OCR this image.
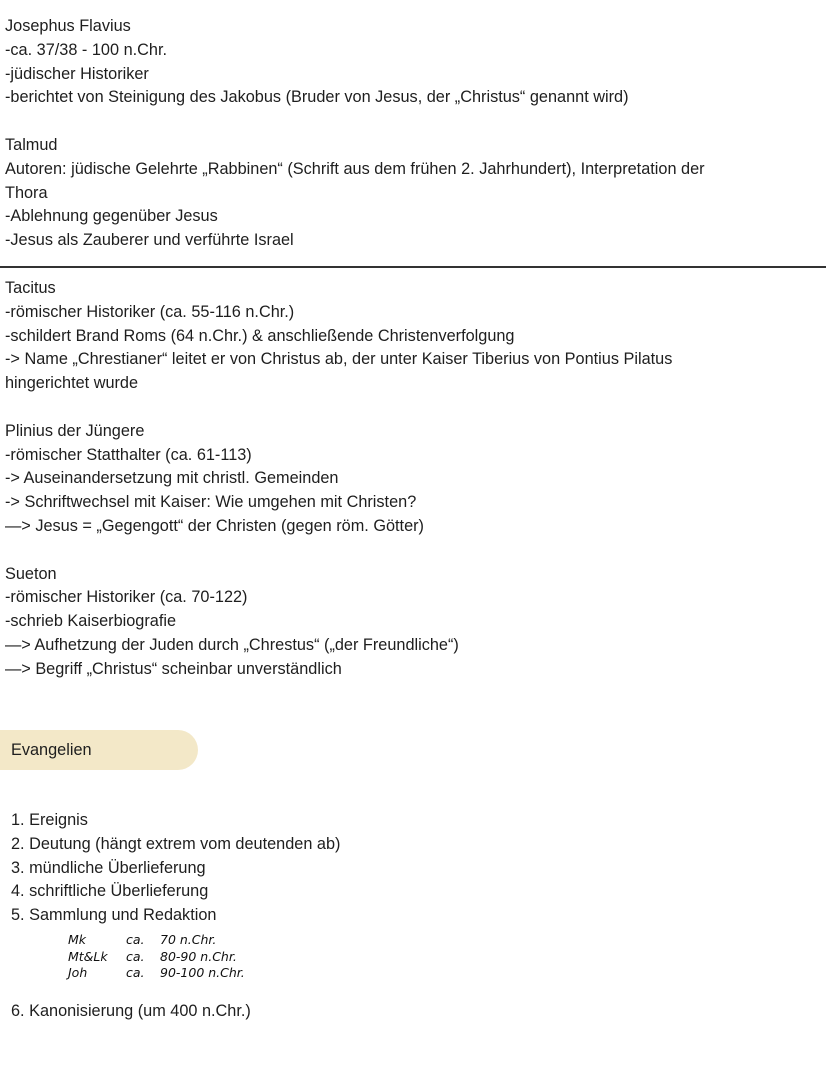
Josephus Flavius
-ca. 37/38 - 100 n.Chr.
-jüdischer Historiker
-berichtet von Steinigung des Jakobus (Bruder von Jesus, der „Christus“ genannt wird)
Talmud
Autoren: jüdische Gelehrte „Rabbinen“ (Schrift aus dem frühen 2. Jahrhundert), Interpretation der
Thora
-Ablehnung gegenüber Jesus
-Jesus als Zauberer und verführte Israel
Tacitus
-römischer Historiker (ca. 55-116 n.Chr.)
-schildert Brand Roms (64 n.Chr.) & anschließende Christenverfolgung
-> Name „Chrestianer“ leitet er von Christus ab, der unter Kaiser Tiberius von Pontius Pilatus
hingerichtet wurde
Plinius der Jüngere
-römischer Statthalter (ca. 61-113)
-> Auseinandersetzung mit christl. Gemeinden
-> Schriftwechsel mit Kaiser: Wie umgehen mit Christen?
—> Jesus = „Gegengott“ der Christen (gegen röm. Götter)
Sueton
-römischer Historiker (ca. 70-122)
-schrieb Kaiserbiografie
—> Aufhetzung der Juden durch „Chrestus“ („der Freundliche“)
—> Begriff „Christus“ scheinbar unverständlich
Evangelien
1. Ereignis
2. Deutung (hängt extrem vom deutenden ab)
3. mündliche Überlieferung
4. schriftliche Überlieferung
5. Sammlung und Redaktion
Mk	ca. 70 n.Chr.
Mt&Lk ca. 80-90 n.Chr.
Joh	ca. 90-100 n.Chr.
6. Kanonisierung (um 400 n.Chr.)
